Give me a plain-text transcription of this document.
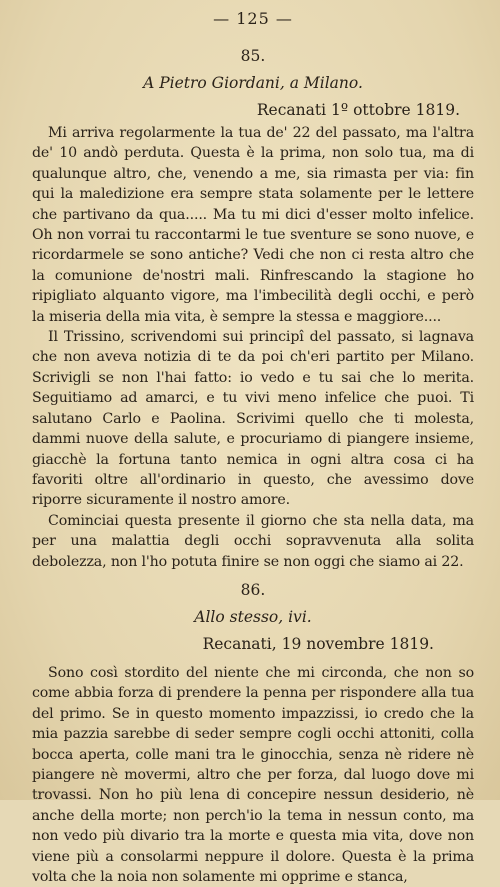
— 125 —
85.
A Pietro Giordani, a Milano.
Recanati 1º ottobre 1819.

Mi arriva regolarmente la tua de' 22 del passato, ma l'altra de' 10 andò perduta. Questa è la prima, non solo tua, ma di qualunque altro, che, venendo a me, sia rimasta per via: fin qui la maledizione era sempre stata solamente per le lettere che partivano da qua..... Ma tu mi dici d'esser molto infelice. Oh non vorrai tu raccontarmi le tue sventure se sono nuove, e ricordarmele se sono antiche? Vedi che non ci resta altro che la comunione de'nostri mali. Rinfrescando la stagione ho ripigliato alquanto vigore, ma l'imbecilità degli occhi, e però la miseria della mia vita, è sempre la stessa e maggiore....

Il Trissino, scrivendomi sui principî del passato, si lagnava che non aveva notizia di te da poi ch'eri partito per Milano. Scrivigli se non l'hai fatto: io vedo e tu sai che lo merita. Seguitiamo ad amarci, e tu vivi meno infelice che puoi. Ti salutano Carlo e Paolina. Scrivimi quello che ti molesta, dammi nuove della salute, e procuriamo di piangere insieme, giacchè la fortuna tanto nemica in ogni altra cosa ci ha favoriti oltre all'ordinario in questo, che avessimo dove riporre sicuramente il nostro amore.

Cominciai questa presente il giorno che sta nella data, ma per una malattia degli occhi sopravvenuta alla solita debolezza, non l'ho potuta finire se non oggi che siamo ai 22.

86.
Allo stesso, ivi.
Recanati, 19 novembre 1819.

Sono così stordito del niente che mi circonda, che non so come abbia forza di prendere la penna per rispondere alla tua del primo. Se in questo momento impazzissi, io credo che la mia pazzia sarebbe di seder sempre cogli occhi attoniti, colla bocca aperta, colle mani tra le ginocchia, senza nè ridere nè piangere nè movermi, altro che per forza, dal luogo dove mi trovassi. Non ho più lena di concepire nessun desiderio, nè anche della morte; non perch'io la tema in nessun conto, ma non vedo più divario tra la morte e questa mia vita, dove non viene più a consolarmi neppure il dolore. Questa è la prima volta che la noia non solamente mi opprime e stanca,
